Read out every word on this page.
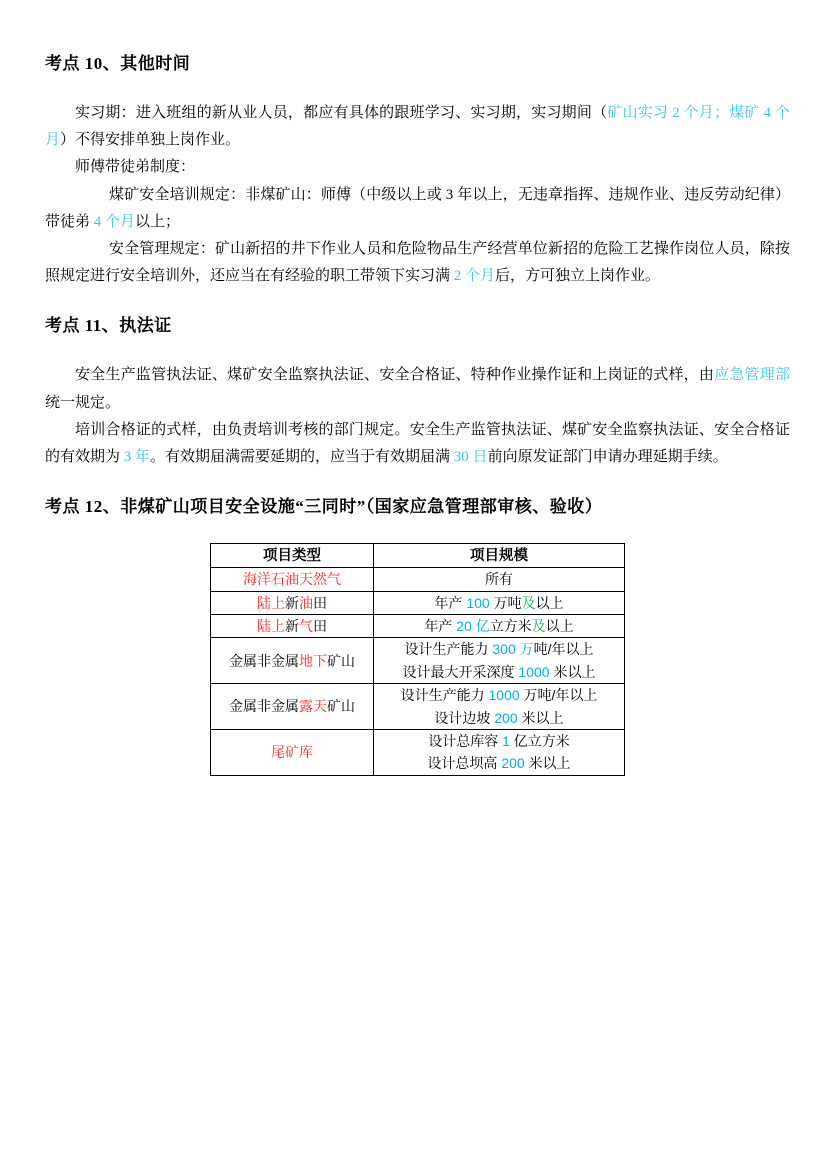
考点 10、其他时间

实习期：进入班组的新从业人员，都应有具体的跟班学习、实习期，实习期间（矿山实习 2 个月；煤矿 4 个月）不得安排单独上岗作业。

师傅带徒弟制度：

煤矿安全培训规定：非煤矿山：师傅（中级以上或 3 年以上，无违章指挥、违规作业、违反劳动纪律）带徒弟 4 个月以上；

安全管理规定：矿山新招的井下作业人员和危险物品生产经营单位新招的危险工艺操作岗位人员，除按照规定进行安全培训外，还应当在有经验的职工带领下实习满 2 个月后，方可独立上岗作业。

考点 11、执法证

安全生产监管执法证、煤矿安全监察执法证、安全合格证、特种作业操作证和上岗证的式样，由应急管理部统一规定。

培训合格证的式样，由负责培训考核的部门规定。安全生产监管执法证、煤矿安全监察执法证、安全合格证的有效期为 3 年。有效期届满需要延期的，应当于有效期届满 30 日前向原发证部门申请办理延期手续。

考点 12、非煤矿山项目安全设施“三同时”（国家应急管理部审核、验收）
项目类型	项目规模

海洋石油天然气	所有

陆上新油田	年产 100 万吨及以上

陆上新气田	年产 20 亿立方米及以上

金属非金属地下矿山	设计生产能力 300 万吨/年以上
设计最大开采深度 1000 米以上

金属非金属露天矿山	设计生产能力 1000 万吨/年以上
设计边坡 200 米以上

尾矿库	设计总库容 1 亿立方米
设计总坝高 200 米以上
